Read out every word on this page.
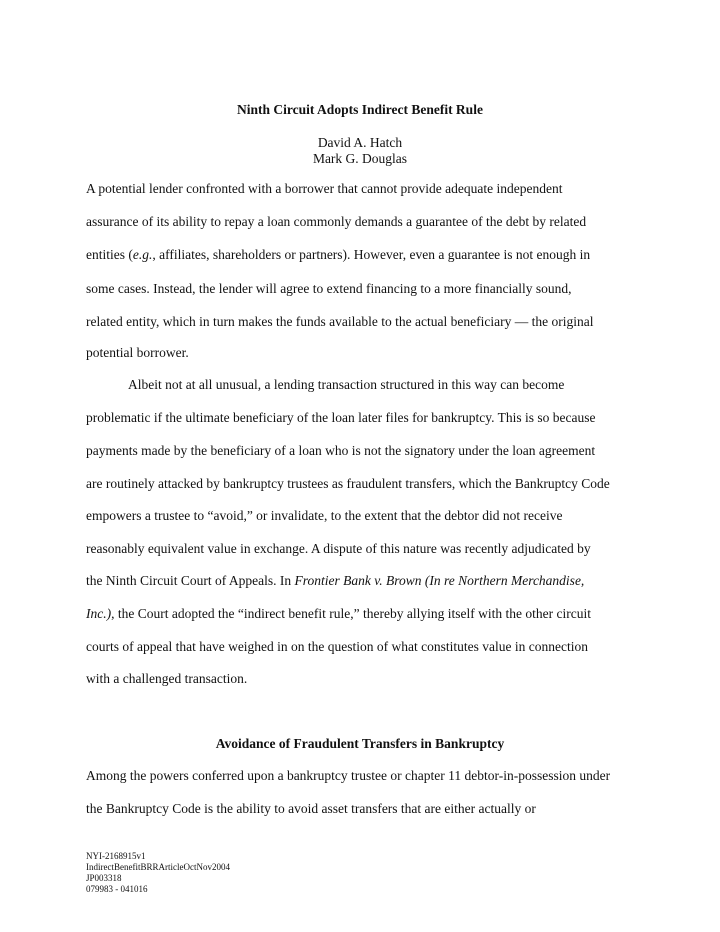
Ninth Circuit Adopts Indirect Benefit Rule
David A. Hatch
Mark G. Douglas
A potential lender confronted with a borrower that cannot provide adequate independent
assurance of its ability to repay a loan commonly demands a guarantee of the debt by related
entities (e.g., affiliates, shareholders or partners). However, even a guarantee is not enough in
some cases. Instead, the lender will agree to extend financing to a more financially sound,
related entity, which in turn makes the funds available to the actual beneficiary — the original
potential borrower.
Albeit not at all unusual, a lending transaction structured in this way can become
problematic if the ultimate beneficiary of the loan later files for bankruptcy. This is so because
payments made by the beneficiary of a loan who is not the signatory under the loan agreement
are routinely attacked by bankruptcy trustees as fraudulent transfers, which the Bankruptcy Code
empowers a trustee to “avoid,” or invalidate, to the extent that the debtor did not receive
reasonably equivalent value in exchange. A dispute of this nature was recently adjudicated by
the Ninth Circuit Court of Appeals. In Frontier Bank v. Brown (In re Northern Merchandise,
Inc.), the Court adopted the “indirect benefit rule,” thereby allying itself with the other circuit
courts of appeal that have weighed in on the question of what constitutes value in connection
with a challenged transaction.
Avoidance of Fraudulent Transfers in Bankruptcy
Among the powers conferred upon a bankruptcy trustee or chapter 11 debtor-in-possession under
the Bankruptcy Code is the ability to avoid asset transfers that are either actually or
NYI-2168915v1
IndirectBenefitBRRArticleOctNov2004
JP003318
079983 - 041016
